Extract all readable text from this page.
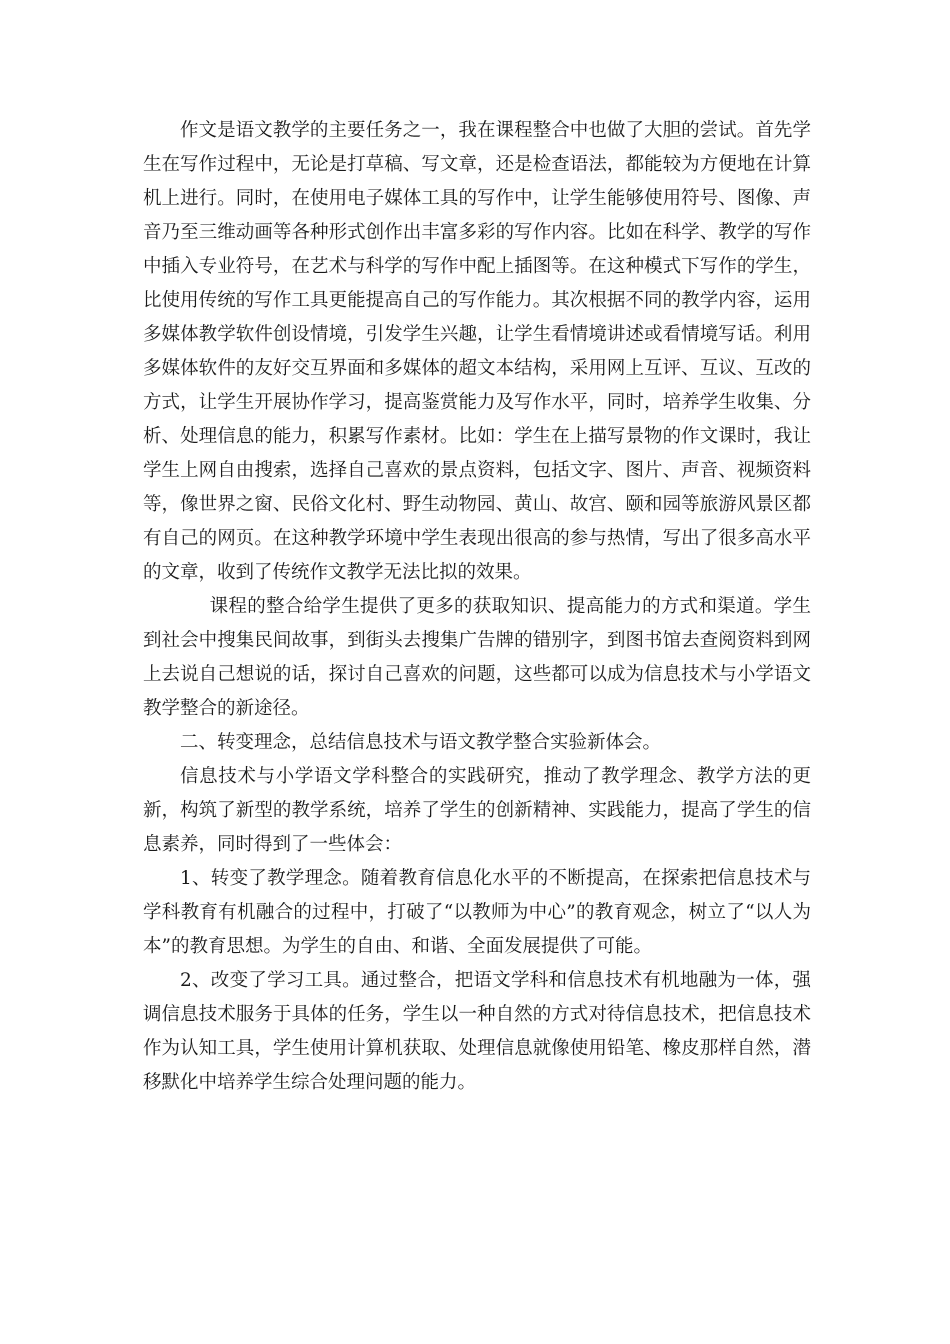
作文是语文教学的主要任务之一，我在课程整合中也做了大胆的尝试。首先学生在写作过程中，无论是打草稿、写文章，还是检查语法，都能较为方便地在计算机上进行。同时，在使用电子媒体工具的写作中，让学生能够使用符号、图像、声音乃至三维动画等各种形式创作出丰富多彩的写作内容。比如在科学、教学的写作中插入专业符号，在艺术与科学的写作中配上插图等。在这种模式下写作的学生，比使用传统的写作工具更能提高自己的写作能力。其次根据不同的教学内容，运用多媒体教学软件创设情境，引发学生兴趣，让学生看情境讲述或看情境写话。利用多媒体软件的友好交互界面和多媒体的超文本结构，采用网上互评、互议、互改的方式，让学生开展协作学习，提高鉴赏能力及写作水平，同时，培养学生收集、分析、处理信息的能力，积累写作素材。比如：学生在上描写景物的作文课时，我让学生上网自由搜索，选择自己喜欢的景点资料，包括文字、图片、声音、视频资料等，像世界之窗、民俗文化村、野生动物园、黄山、故宫、颐和园等旅游风景区都有自己的网页。在这种教学环境中学生表现出很高的参与热情，写出了很多高水平的文章，收到了传统作文教学无法比拟的效果。

课程的整合给学生提供了更多的获取知识、提高能力的方式和渠道。学生到社会中搜集民间故事，到街头去搜集广告牌的错别字，到图书馆去查阅资料到网上去说自己想说的话，探讨自己喜欢的问题，这些都可以成为信息技术与小学语文教学整合的新途径。

二、转变理念，总结信息技术与语文教学整合实验新体会。

信息技术与小学语文学科整合的实践研究，推动了教学理念、教学方法的更新，构筑了新型的教学系统，培养了学生的创新精神、实践能力，提高了学生的信息素养，同时得到了一些体会：

1、转变了教学理念。随着教育信息化水平的不断提高，在探索把信息技术与学科教育有机融合的过程中，打破了“以教师为中心”的教育观念，树立了“以人为本”的教育思想。为学生的自由、和谐、全面发展提供了可能。

2、改变了学习工具。通过整合，把语文学科和信息技术有机地融为一体，强调信息技术服务于具体的任务，学生以一种自然的方式对待信息技术，把信息技术作为认知工具，学生使用计算机获取、处理信息就像使用铅笔、橡皮那样自然，潜移默化中培养学生综合处理问题的能力。
